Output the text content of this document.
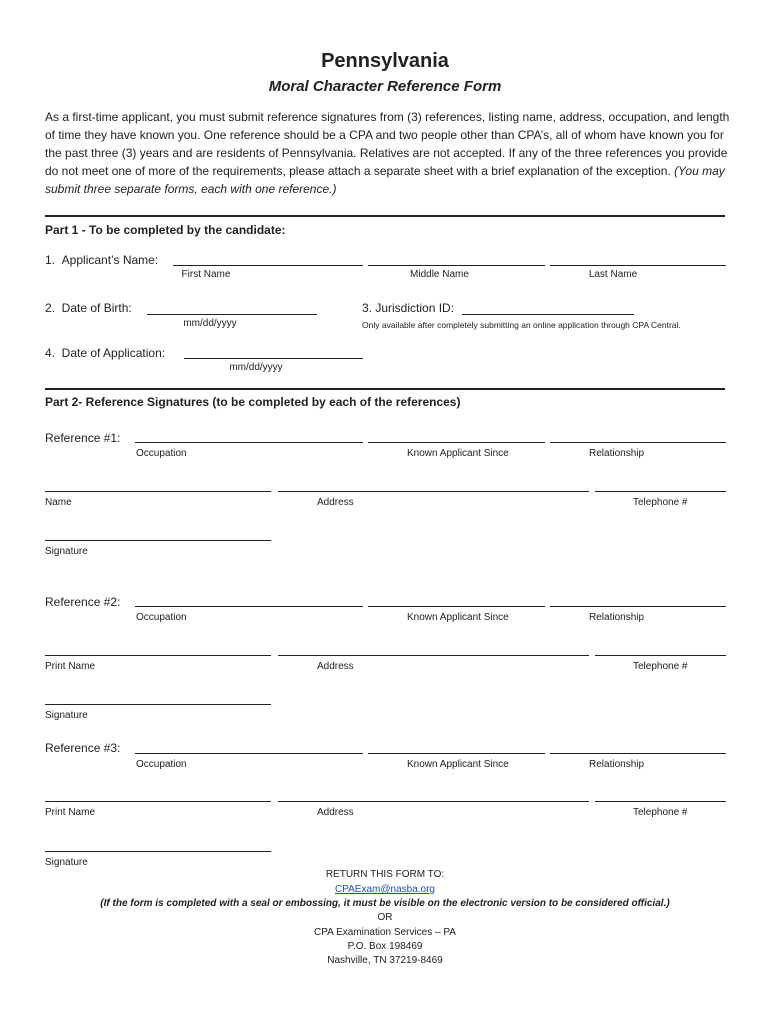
Pennsylvania
Moral Character Reference Form
As a first-time applicant, you must submit reference signatures from (3) references, listing name, address, occupation, and length of time they have known you. One reference should be a CPA and two people other than CPA’s, all of whom have known you for the past three (3) years and are residents of Pennsylvania. Relatives are not accepted. If any of the three references you provide do not meet one of more of the requirements, please attach a separate sheet with a brief explanation of the exception. (You may submit three separate forms, each with one reference.)
Part 1 - To be completed by the candidate:
1.  Applicant’s Name:
First Name	Middle Name	Last Name
2.  Date of Birth:
mm/dd/yyyy
3. Jurisdiction ID:
Only available after completely submitting an online application through CPA Central.
4.  Date of Application:
mm/dd/yyyy
Part 2- Reference Signatures (to be completed by each of the references)
Reference #1:
Occupation	Known Applicant Since	Relationship
Name	Address	Telephone #
Signature
Reference #2:
Occupation	Known Applicant Since	Relationship
Print Name	Address	Telephone #
Signature
Reference #3:
Occupation	Known Applicant Since	Relationship
Print Name	Address	Telephone #
Signature
RETURN THIS FORM TO:
CPAExam@nasba.org
(If the form is completed with a seal or embossing, it must be visible on the electronic version to be considered official.)
OR
CPA Examination Services – PA
P.O. Box 198469
Nashville, TN 37219-8469
